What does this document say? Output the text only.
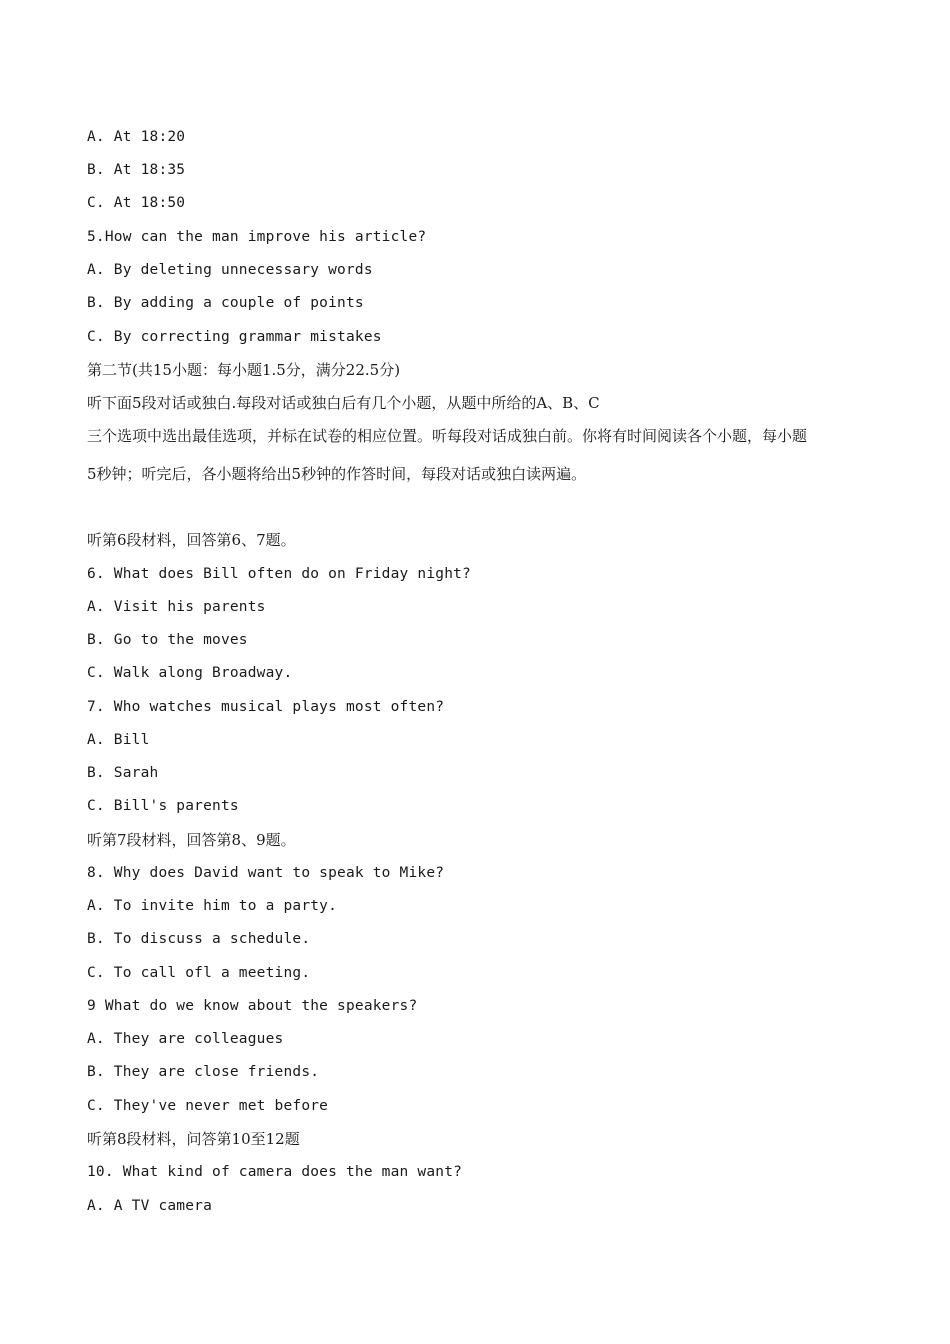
A. At 18:20
B. At 18:35
C. At 18:50
5.How can the man improve his article?
A. By deleting unnecessary words
B. By adding a couple of points
C. By correcting grammar mistakes
第二节(共15小题：每小题1.5分，满分22.5分)
听下面5段对话或独白.每段对话或独白后有几个小题，从题中所给的A、B、C
三个选项中选出最佳选项，并标在试卷的相应位置。听每段对话成独白前。你将有时间阅读各个小题，每小题
5秒钟；听完后，各小题将给出5秒钟的作答时间，每段对话或独白读两遍。
听第6段材料，回答第6、7题。
6. What does Bill often do on Friday night?
A. Visit his parents
B. Go to the moves
C. Walk along Broadway.
7. Who watches musical plays most often?
A. Bill
B. Sarah
C. Bill's parents
听第7段材料，回答第8、9题。
8. Why does David want to speak to Mike?
A. To invite him to a party.
B. To discuss a schedule.
C. To call ofl a meeting.
9 What do we know about the speakers?
A. They are colleagues
B. They are close friends.
C. They've never met before
听第8段材料，问答第10至12题
10. What kind of camera does the man want?
A. A TV camera
